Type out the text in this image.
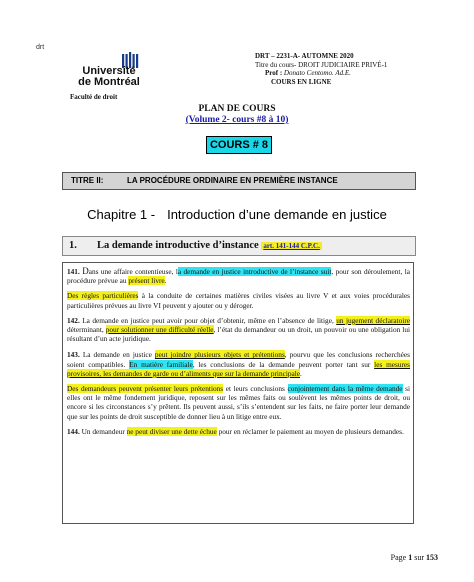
drt
Université
de Montréal
Faculté de droit
DRT – 2231-A- AUTOMNE 2020
Titre du cours- DROIT JUDICIAIRE PRIVÉ-1
Prof : Donato Centomo. Ad.E.
COURS EN LIGNE
PLAN DE COURS
(Volume 2- cours #8 à 10)
COURS # 8
TITRE II:	LA PROCÉDURE ORDINAIRE EN PREMIÈRE INSTANCE
Chapitre 1 - Introduction d’une demande en justice
1. La demande introductive d’instance art. 141-144 C.P.C.

141. Dans une affaire contentieuse, la demande en justice introductive de l’instance suit, pour son déroulement, la procédure prévue au présent livre.

Des règles particulières à la conduite de certaines matières civiles visées au livre V et aux voies procédurales particulières prévues au livre VI peuvent y ajouter ou y déroger.

142. La demande en justice peut avoir pour objet d’obtenir, même en l’absence de litige, un jugement déclaratoire déterminant, pour solutionner une difficulté réelle, l’état du demandeur ou un droit, un pouvoir ou une obligation lui résultant d’un acte juridique.

143. La demande en justice peut joindre plusieurs objets et prétentions, pourvu que les conclusions recherchées soient compatibles. En matière familiale, les conclusions de la demande peuvent porter tant sur les mesures provisoires, les demandes de garde ou d’aliments que sur la demande principale.

Des demandeurs peuvent présenter leurs prétentions et leurs conclusions conjointement dans la même demande si elles ont le même fondement juridique, reposent sur les mêmes faits ou soulèvent les mêmes points de droit, ou encore si les circonstances s’y prêtent. Ils peuvent aussi, s’ils s’entendent sur les faits, ne faire porter leur demande que sur les points de droit susceptible de donner lieu à un litige entre eux.

144. Un demandeur ne peut diviser une dette échue pour en réclamer le paiement au moyen de plusieurs demandes.

Page 1 sur 153
